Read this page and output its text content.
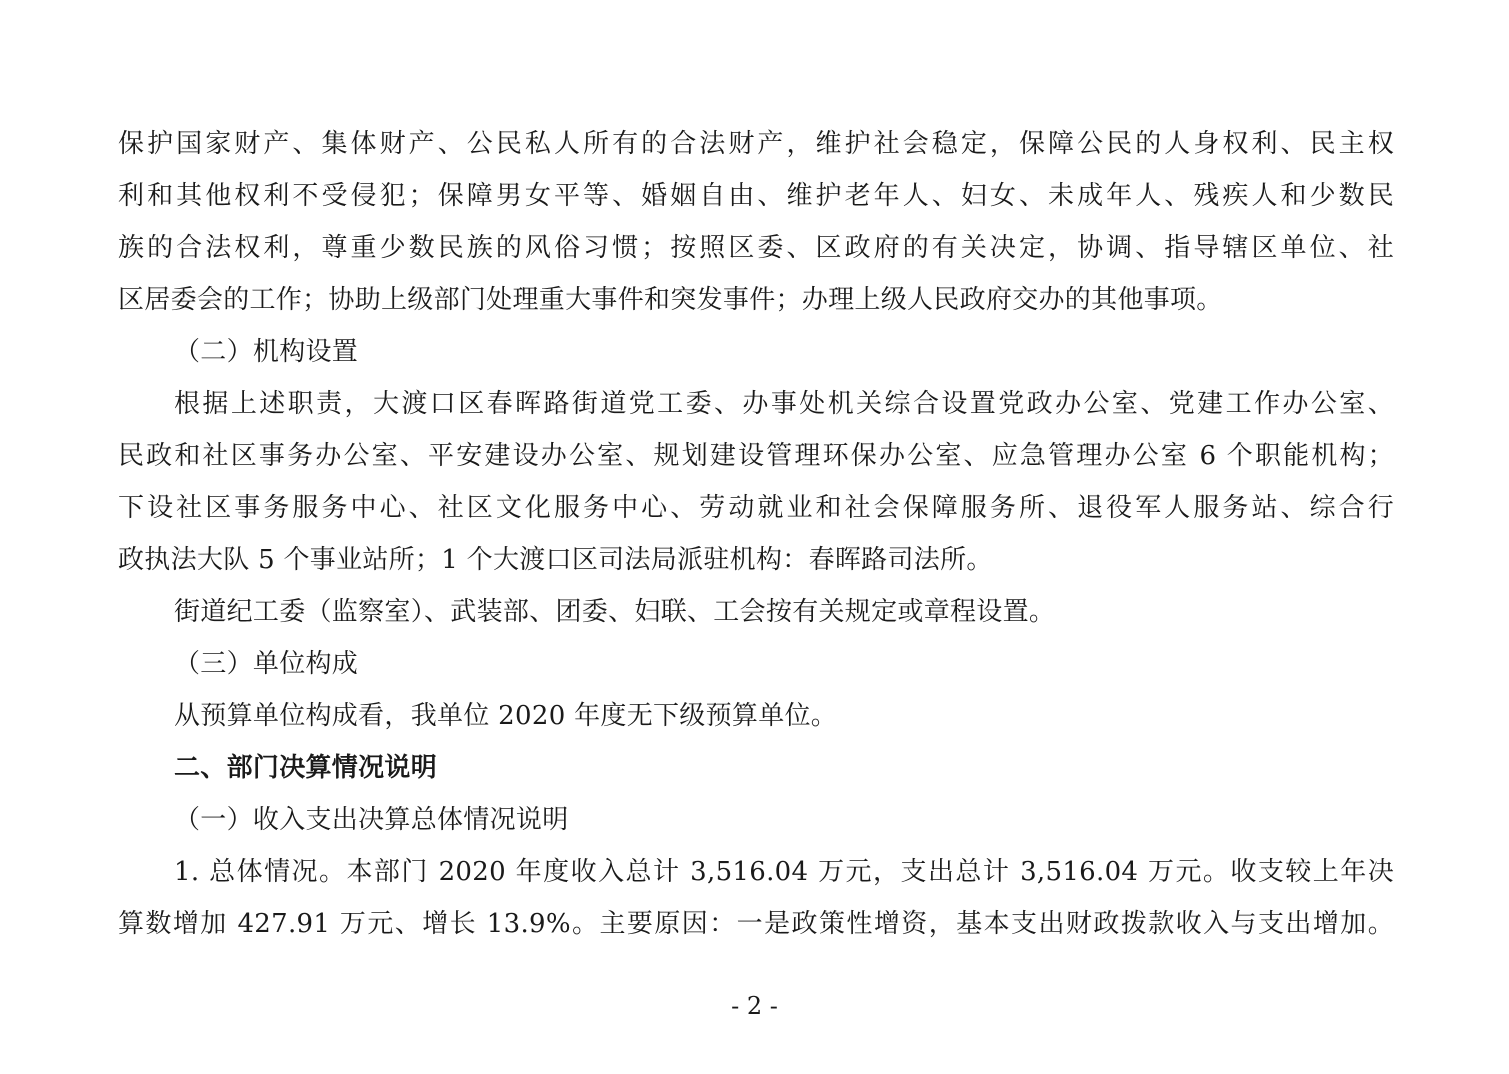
保护国家财产、集体财产、公民私人所有的合法财产，维护社会稳定，保障公民的人身权利、民主权
利和其他权利不受侵犯；保障男女平等、婚姻自由、维护老年人、妇女、未成年人、残疾人和少数民
族的合法权利，尊重少数民族的风俗习惯；按照区委、区政府的有关决定，协调、指导辖区单位、社
区居委会的工作；协助上级部门处理重大事件和突发事件；办理上级人民政府交办的其他事项。
（二）机构设置
根据上述职责，大渡口区春晖路街道党工委、办事处机关综合设置党政办公室、党建工作办公室、
民政和社区事务办公室、平安建设办公室、规划建设管理环保办公室、应急管理办公室 6 个职能机构；
下设社区事务服务中心、社区文化服务中心、劳动就业和社会保障服务所、退役军人服务站、综合行
政执法大队 5 个事业站所；1 个大渡口区司法局派驻机构：春晖路司法所。
街道纪工委（监察室）、武装部、团委、妇联、工会按有关规定或章程设置。
（三）单位构成
从预算单位构成看，我单位 2020 年度无下级预算单位。
二、部门决算情况说明
（一）收入支出决算总体情况说明
1. 总体情况。本部门 2020 年度收入总计 3,516.04 万元，支出总计 3,516.04 万元。收支较上年决
算数增加 427.91 万元、增长 13.9%。主要原因：一是政策性增资，基本支出财政拨款收入与支出增加。
- 2 -
